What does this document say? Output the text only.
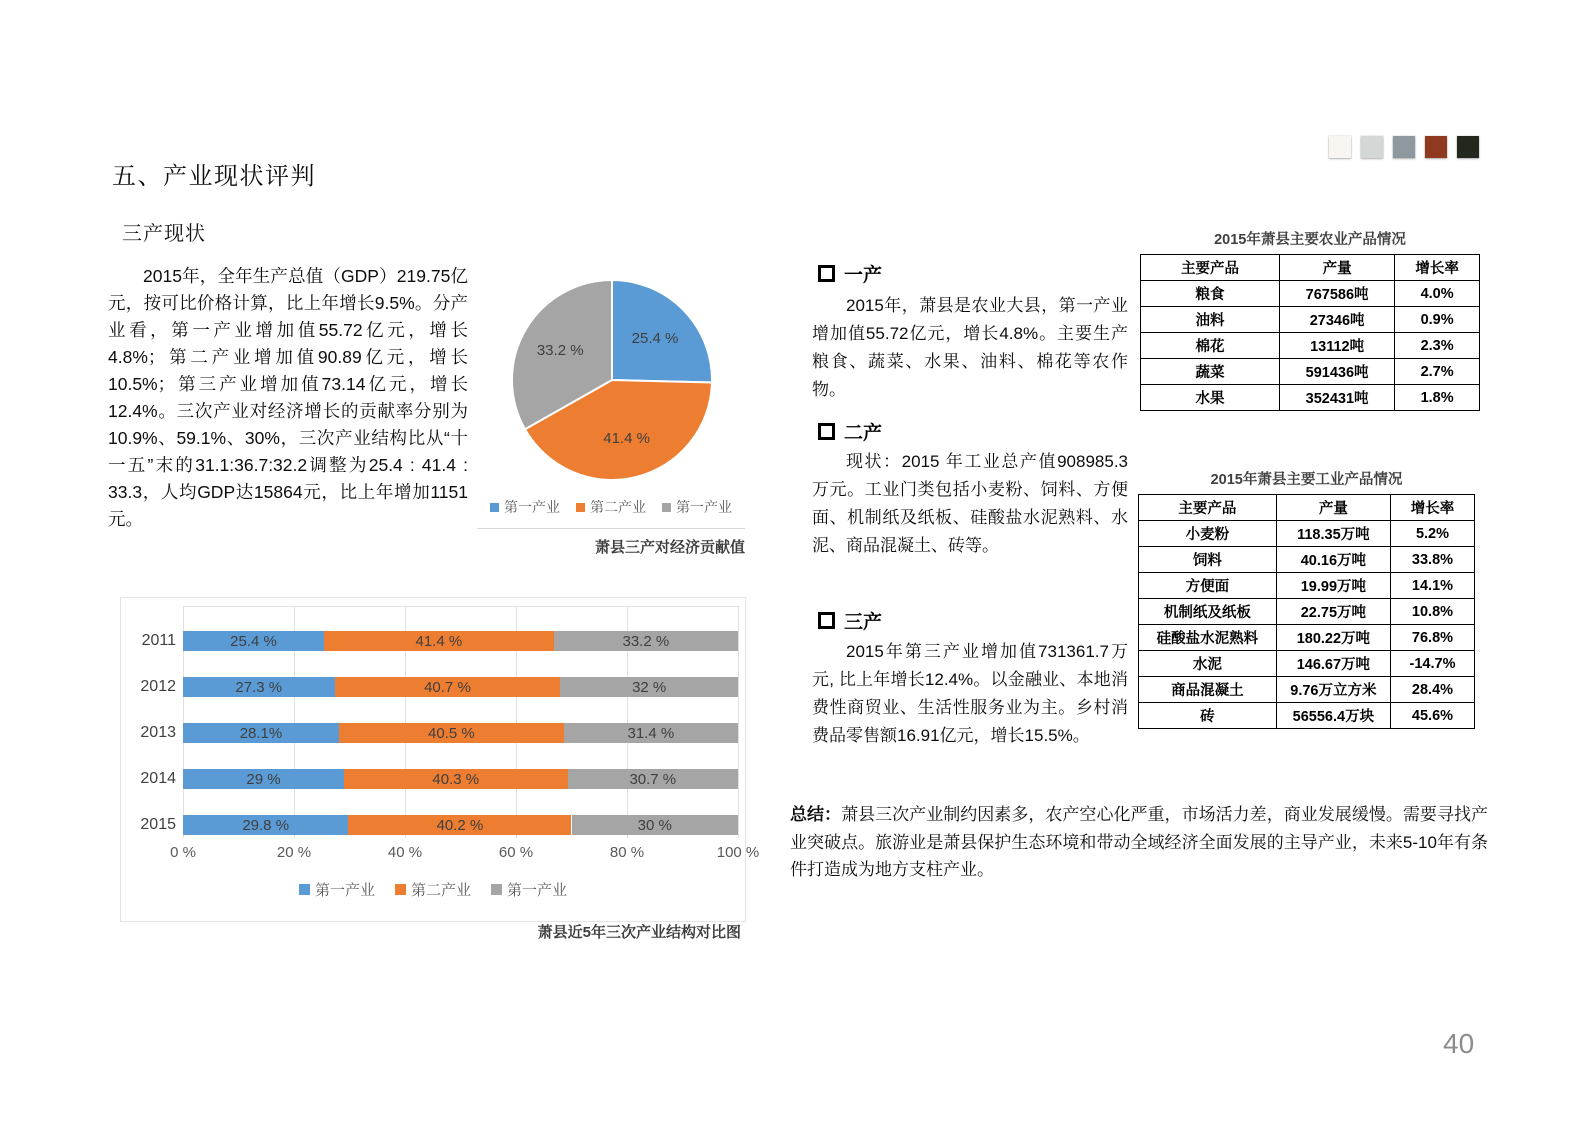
五、产业现状评判
三产现状
2015年，全年生产总值（GDP）219.75亿元，按可比价格计算，比上年增长9.5%。分产业看，第一产业增加值55.72亿元，增长4.8%；第二产业增加值90.89亿元，增长10.5%；第三产业增加值73.14亿元，增长12.4%。三次产业对经济增长的贡献率分别为10.9%、59.1%、30%，三次产业结构比从“十一五”末的31.1:36.7:32.2调整为25.4 : 41.4 : 33.3，人均GDP达15864元，比上年增加1151元。
25.4 %
41.4 %
33.2 %
第一产业 第二产业 第一产业
萧县三产对经济贡献值
0 %	20 %	40 %	60 %	80 %	100 %
2011	25.4 %	41.4 %	33.2 %
2012	27.3 %	40.7 %	32 %
2013	28.1%	40.5 %	31.4 %
2014	29 %	40.3 %	30.7 %
2015	29.8 %	40.2 %	30 %
第一产业 第二产业 第一产业
萧县近5年三次产业结构对比图
一产
2015年，萧县是农业大县，第一产业增加值55.72亿元，增长4.8%。主要生产粮食、蔬菜、水果、油料、棉花等农作物。
二产
现状：2015 年工业总产值908985.3万元。工业门类包括小麦粉、饲料、方便面、机制纸及纸板、硅酸盐水泥熟料、水泥、商品混凝土、砖等。
三产
2015年第三产业增加值731361.7万元, 比上年增长12.4%。以金融业、本地消费性商贸业、生活性服务业为主。乡村消费品零售额16.91亿元，增长15.5%。
2015年萧县主要农业产品情况
主要产品	产量	增长率
粮食	767586吨	4.0%
油料	27346吨	0.9%
棉花	13112吨	2.3%
蔬菜	591436吨	2.7%
水果	352431吨	1.8%
2015年萧县主要工业产品情况
主要产品	产量	增长率
小麦粉	118.35万吨	5.2%
饲料	40.16万吨	33.8%
方便面	19.99万吨	14.1%
机制纸及纸板	22.75万吨	10.8%
硅酸盐水泥熟料	180.22万吨	76.8%
水泥	146.67万吨	-14.7%
商品混凝土	9.76万立方米	28.4%
砖	56556.4万块	45.6%
总结：萧县三次产业制约因素多，农产空心化严重，市场活力差，商业发展缓慢。需要寻找产业突破点。旅游业是萧县保护生态环境和带动全域经济全面发展的主导产业，未来5-10年有条件打造成为地方支柱产业。
40
